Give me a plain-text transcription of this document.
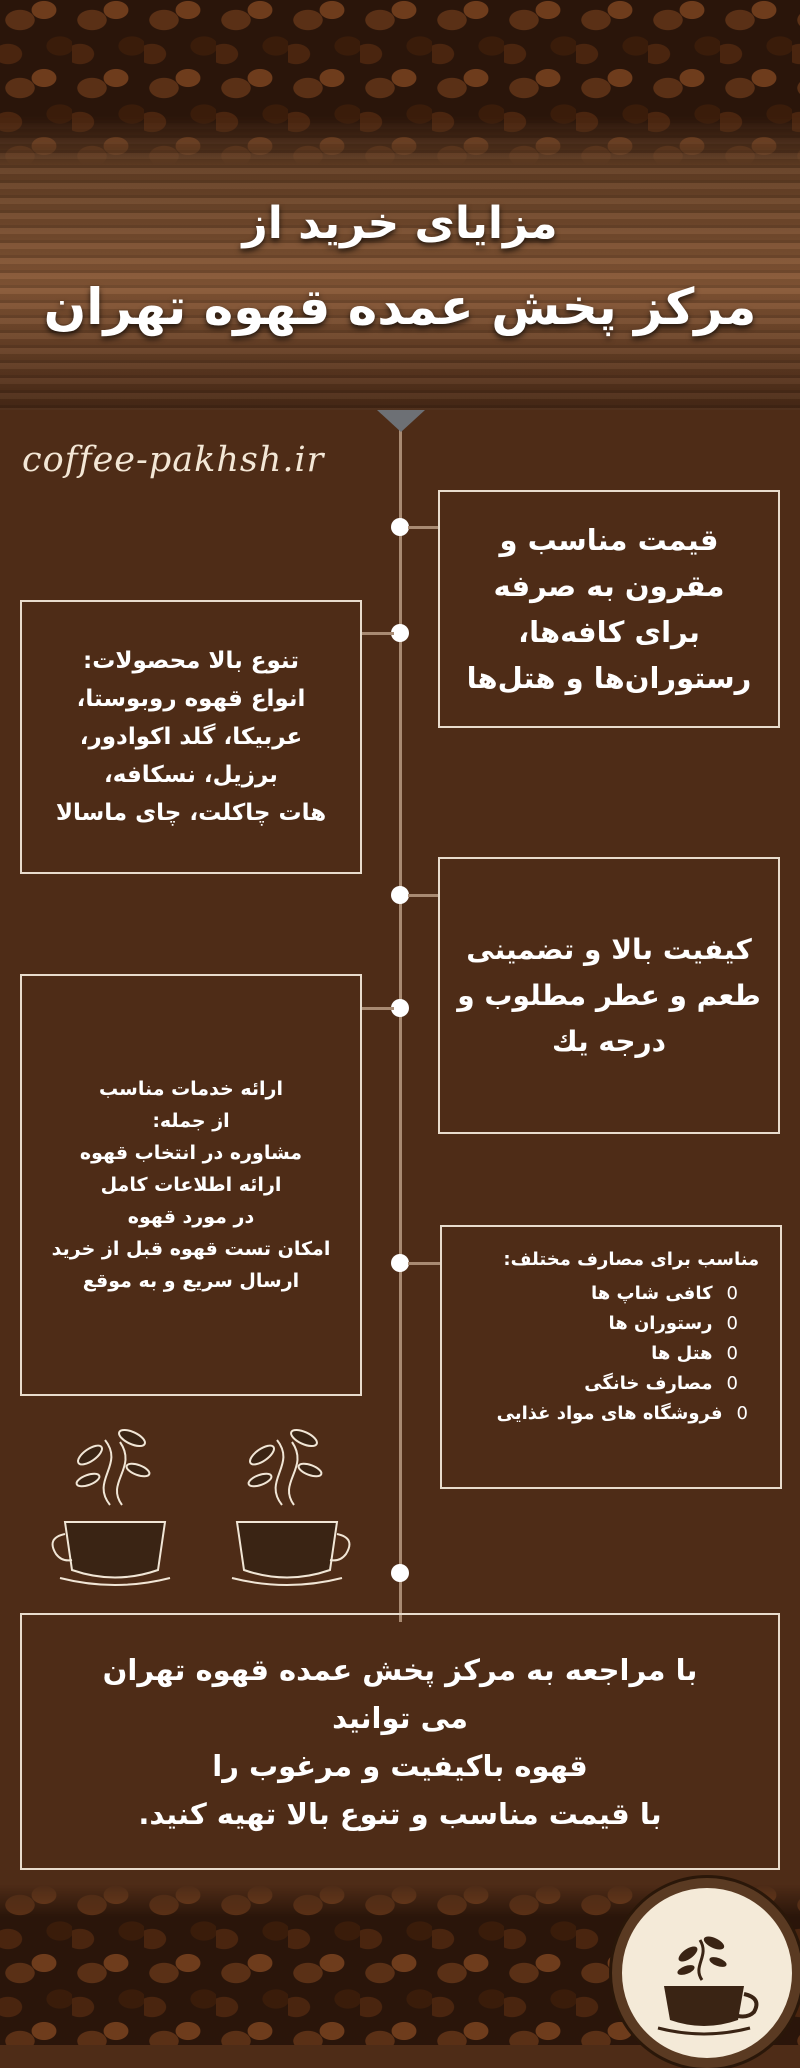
مزایای خرید از
مرکز پخش عمده قهوه تهران
coffee-pakhsh.ir
قیمت مناسب و
مقرون به صرفه
برای کافه‌ها،
رستوران‌ها و هتل‌ها
تنوع بالا محصولات:
انواع قهوه روبوستا،
عربیکا، گلد اکوادور،
برزیل، نسکافه،
هات چاکلت، چای ماسالا
کیفیت بالا و تضمینی
طعم و عطر مطلوب و
درجه یك
ارائه خدمات مناسب
از جمله:
مشاوره در انتخاب قهوه
ارائه اطلاعات کامل
در مورد قهوه
امکان تست قهوه قبل از خرید
ارسال سریع و به موقع
مناسب برای مصارف مختلف:
0کافی شاپ ها
0رستوران ها
0هتل ها
0مصارف خانگی
0فروشگاه های مواد غذایی
با مراجعه به مرکز پخش عمده قهوه تهران
می توانید
قهوه باکیفیت و مرغوب را
با قیمت مناسب و تنوع بالا تهیه کنید.
